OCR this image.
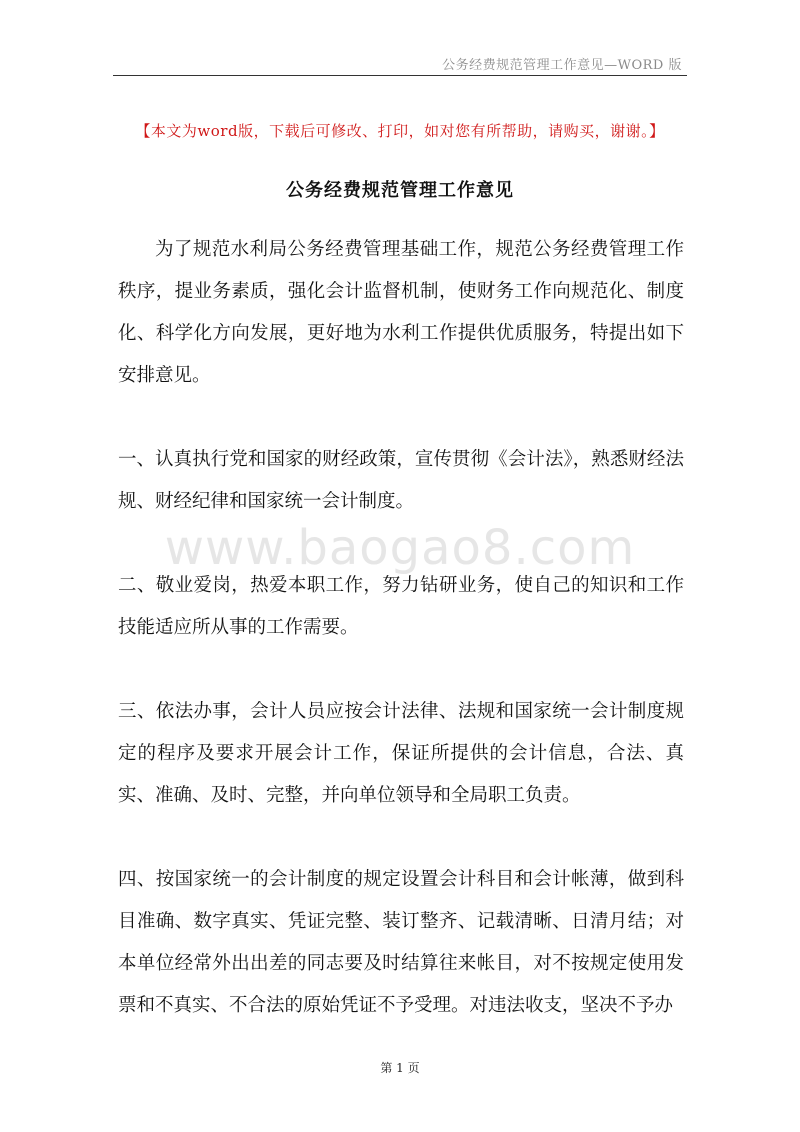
公务经费规范管理工作意见—WORD 版
【本文为word版，下载后可修改、打印，如对您有所帮助，请购买，谢谢。】
公务经费规范管理工作意见
www.baogao8.com

为了规范水利局公务经费管理基础工作，规范公务经费管理工作秩序，提业务素质，强化会计监督机制，使财务工作向规范化、制度化、科学化方向发展，更好地为水利工作提供优质服务，特提出如下安排意见。

一、认真执行党和国家的财经政策，宣传贯彻《会计法》，熟悉财经法规、财经纪律和国家统一会计制度。

二、敬业爱岗，热爱本职工作，努力钻研业务，使自己的知识和工作技能适应所从事的工作需要。

三、依法办事，会计人员应按会计法律、法规和国家统一会计制度规定的程序及要求开展会计工作，保证所提供的会计信息，合法、真实、准确、及时、完整，并向单位领导和全局职工负责。

四、按国家统一的会计制度的规定设置会计科目和会计帐薄，做到科目准确、数字真实、凭证完整、装订整齐、记载清晰、日清月结；对本单位经常外出出差的同志要及时结算往来帐目，对不按规定使用发票和不真实、不合法的原始凭证不予受理。对违法收支，坚决不予办

第 1 页
